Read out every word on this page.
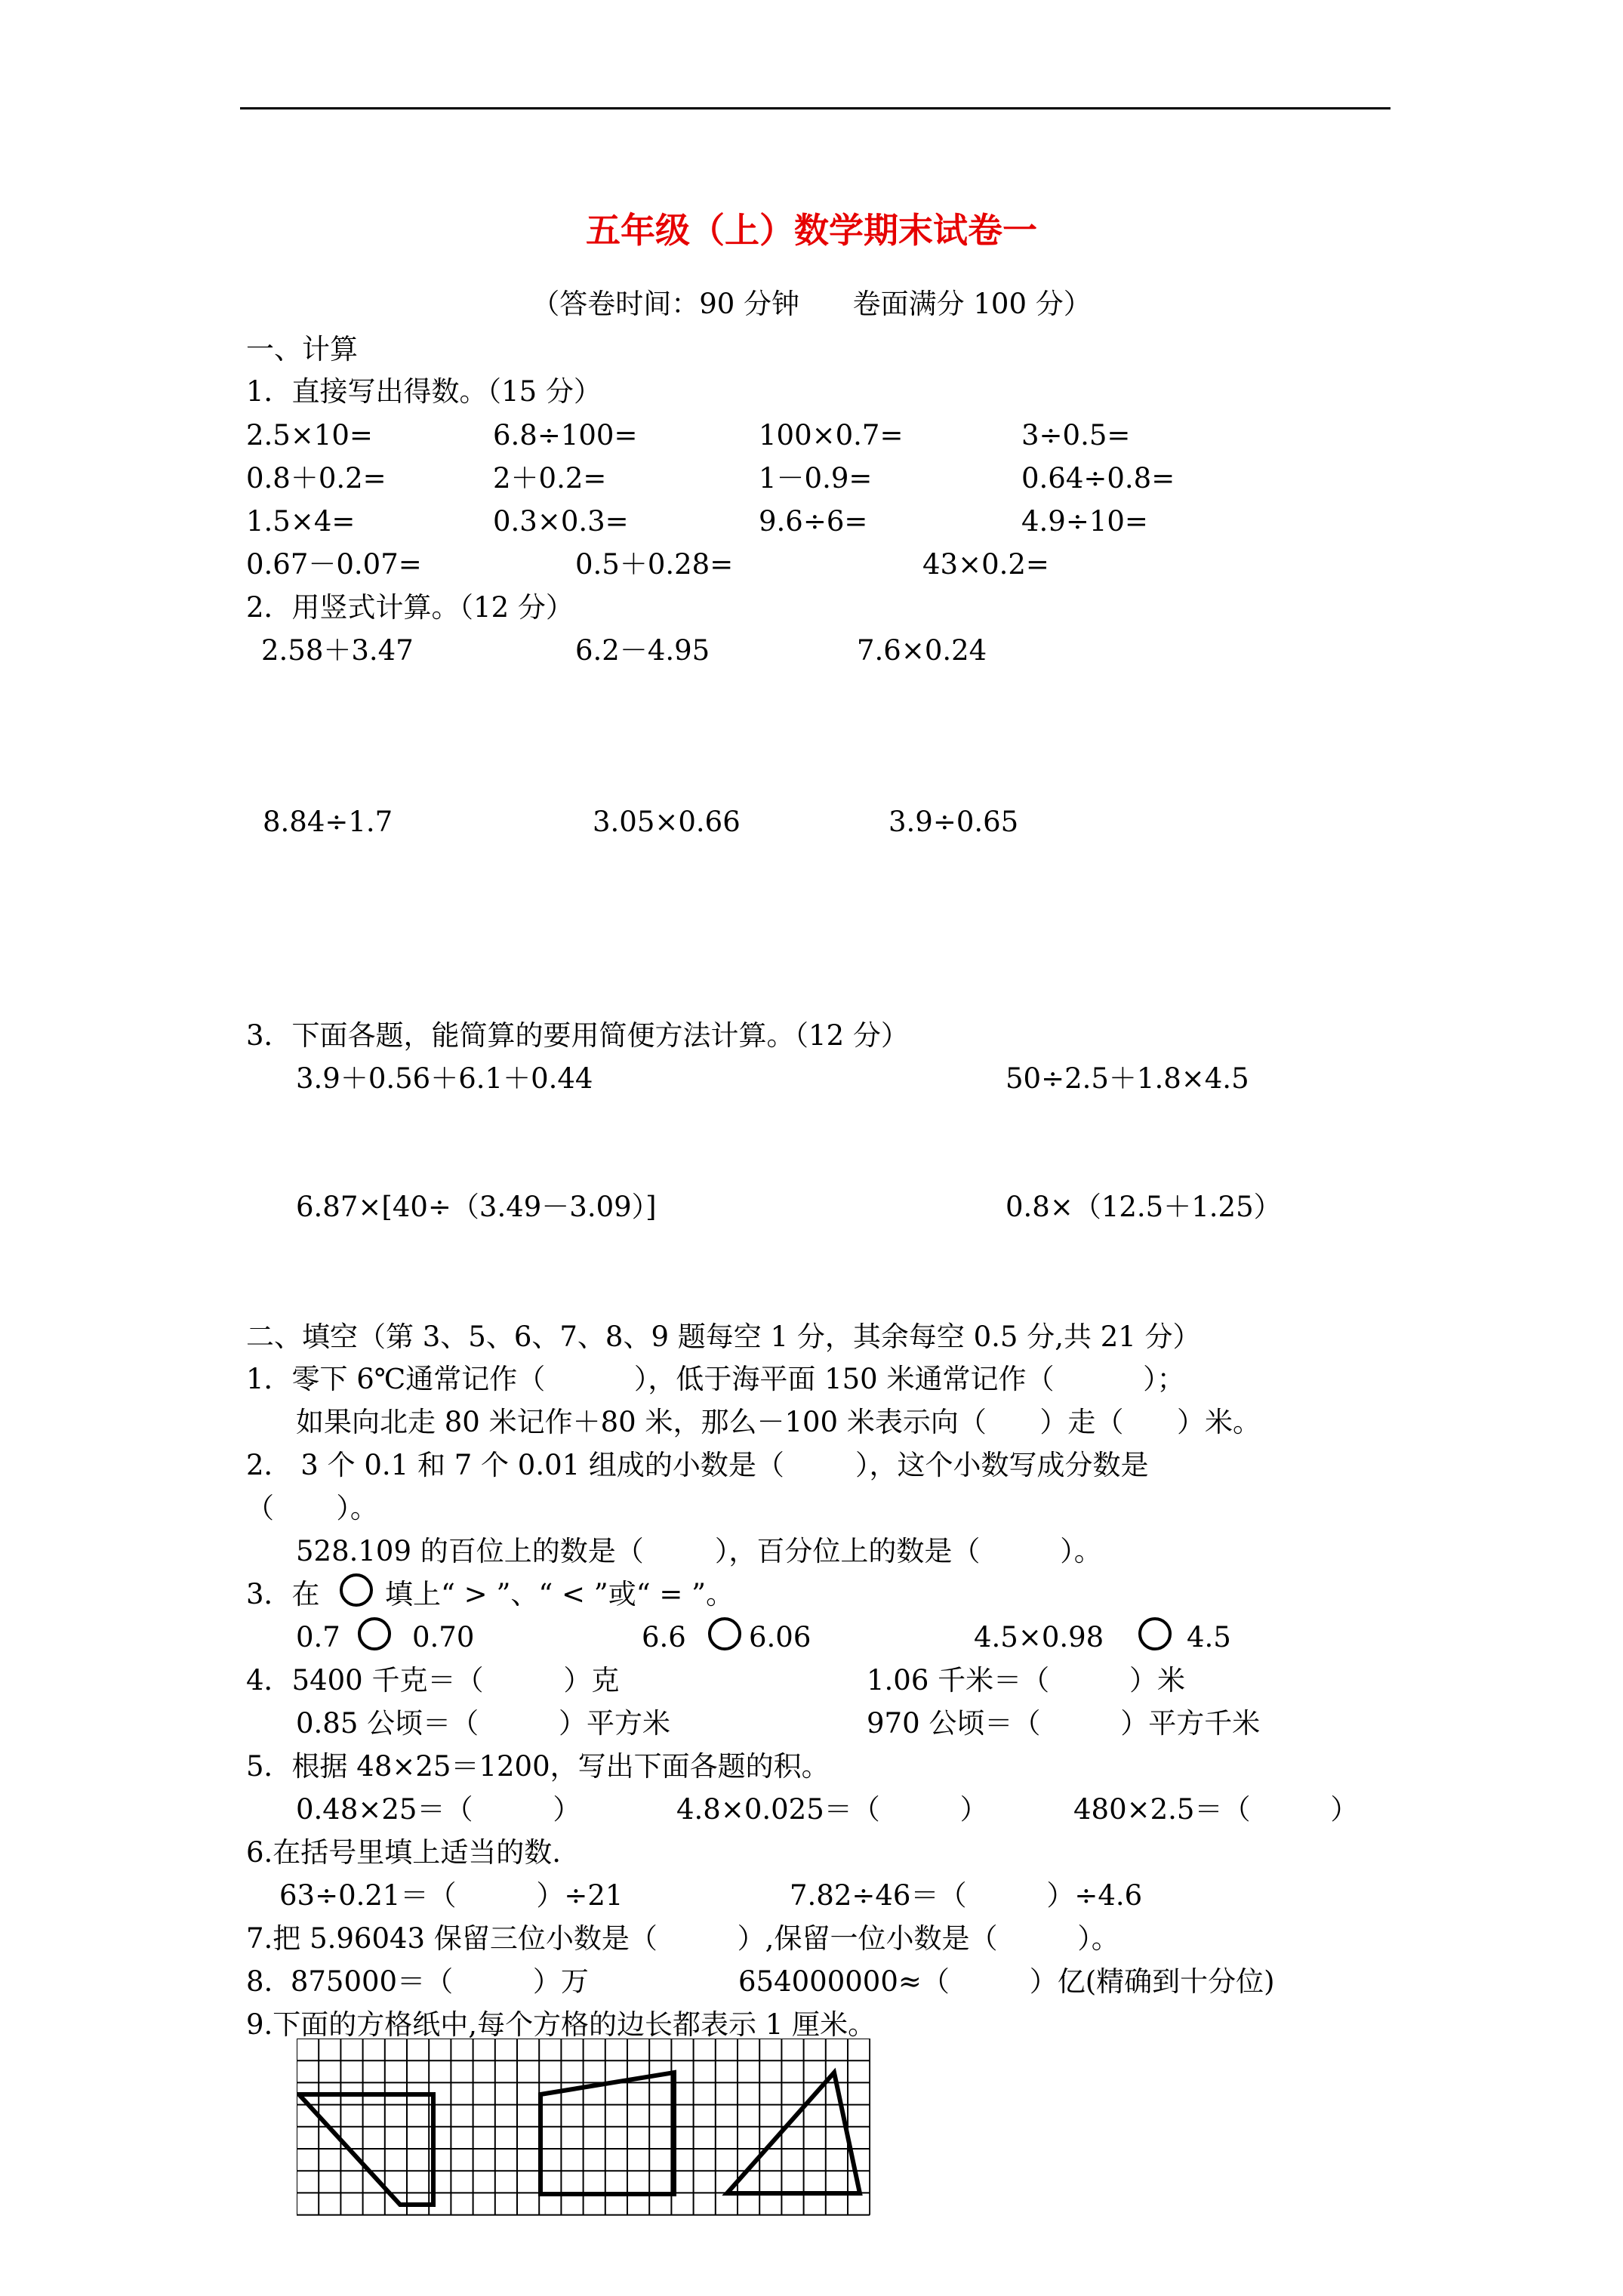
五年级（上）数学期末试卷一
（答卷时间：90 分钟      卷面满分 100 分）
一、计算
1．直接写出得数。（15 分）
2.5×10=	6.8÷100=	100×0.7=	3÷0.5=
0.8＋0.2=	2＋0.2=	1－0.9=	0.64÷0.8=
1.5×4=	0.3×0.3=	9.6÷6=	4.9÷10=
0.67－0.07=	0.5＋0.28=	43×0.2=
2．用竖式计算。（12 分）
2.58＋3.47	6.2－4.95	7.6×0.24
8.84÷1.7	3.05×0.66	3.9÷0.65
3．下面各题，能简算的要用简便方法计算。（12 分）
3.9＋0.56＋6.1＋0.44	50÷2.5＋1.8×4.5
6.87×[40÷（3.49－3.09）]	0.8×（12.5＋1.25）
二、填空（第 3、5、6、7、8、9 题每空 1 分，其余每空 0.5 分,共 21 分）
1．零下 6℃通常记作（          ），低于海平面 150 米通常记作（          ）；
如果向北走 80 米记作＋80 米，那么－100 米表示向（      ）走（      ）米。
2． 3 个 0.1 和 7 个 0.01 组成的小数是（        ），这个小数写成分数是
（       ）。
528.109 的百位上的数是（        ），百分位上的数是（         ）。
3．在 填上“ > ”、“ < ”或“ = ”。
0.7	0.70	6.6 6.06	4.5×0.98	4.5
4．5400 千克＝（         ）克	1.06 千米＝（         ）米
0.85 公顷＝（         ）平方米	970 公顷＝（         ）平方千米
5．根据 48×25＝1200，写出下面各题的积。
0.48×25＝（         ）	4.8×0.025＝（         ）	480×2.5＝（         ）
6.在括号里填上适当的数.
63÷0.21＝（         ）÷21	7.82÷46＝（         ）÷4.6
7.把 5.96043 保留三位小数是（         ）,保留一位小数是（         ）。
8.  875000＝（         ）万	654000000≈（         ）亿(精确到十分位)
9.下面的方格纸中,每个方格的边长都表示 1 厘米。
